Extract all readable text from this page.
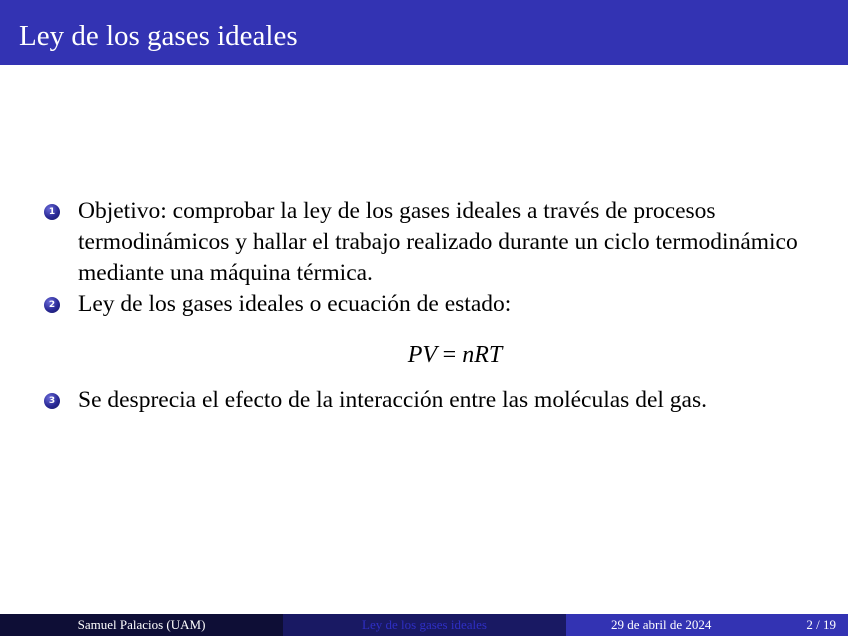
Ley de los gases ideales
1 Objetivo: comprobar la ley de los gases ideales a través de procesos termodinámicos y hallar el trabajo realizado durante un ciclo termodinámico mediante una máquina térmica.
2 Ley de los gases ideales o ecuación de estado:
PV = nRT
3 Se desprecia el efecto de la interacción entre las moléculas del gas.
Samuel Palacios (UAM)	Ley de los gases ideales	29 de abril de 2024	2 / 19
